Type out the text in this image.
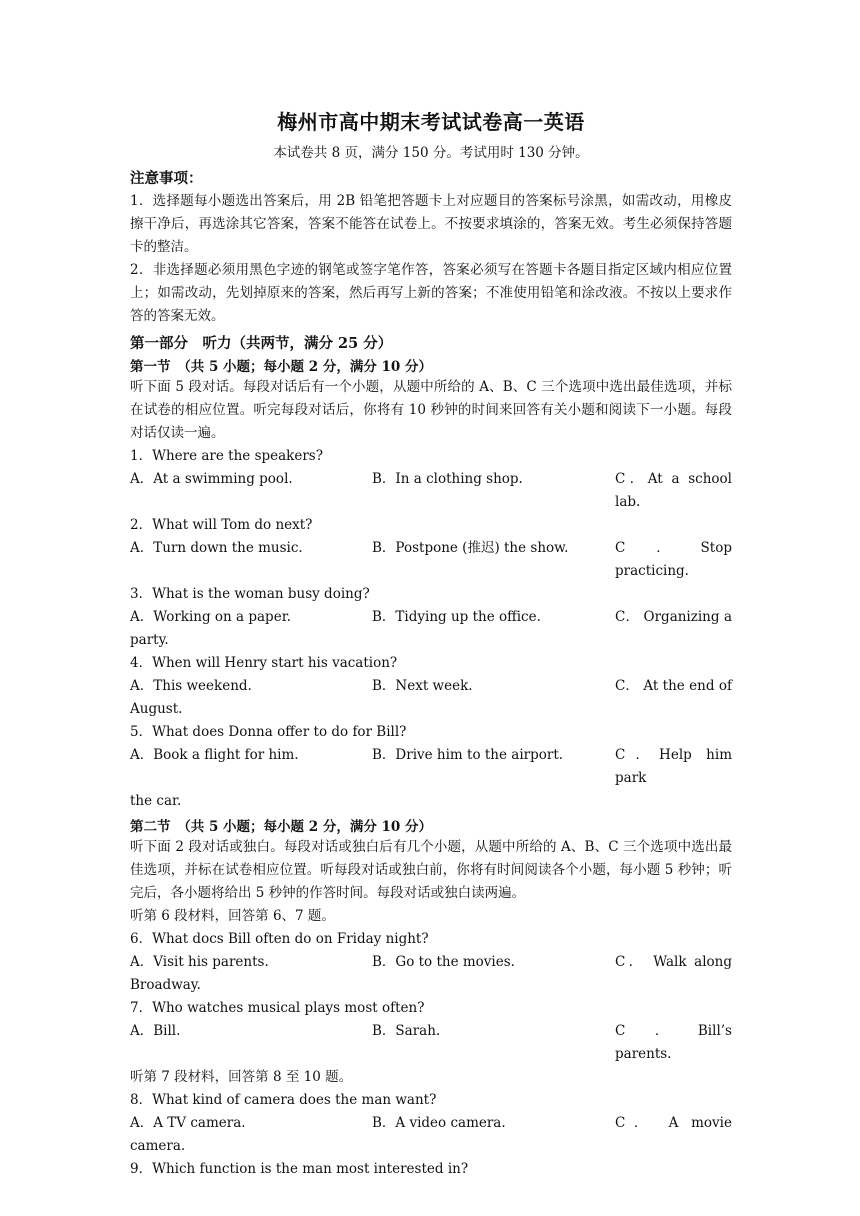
梅州市高中期末考试试卷高一英语
本试卷共 8 页，满分 150 分。考试用时 130 分钟。
注意事项：
1．选择题每小题选出答案后，用 2B 铅笔把答题卡上对应题目的答案标号涂黑，如需改动，用橡皮擦干净后，再选涂其它答案，答案不能答在试卷上。不按要求填涂的，答案无效。考生必须保持答题卡的整洁。
2．非选择题必须用黑色字迹的钢笔或签字笔作答，答案必须写在答题卡各题目指定区域内相应位置上；如需改动，先划掉原来的答案，然后再写上新的答案；不准使用铅笔和涂改液。不按以上要求作答的答案无效。
第一部分　听力（共两节，满分 25 分）
第一节　（共 5 小题；每小题 2 分，满分 10 分）
听下面 5 段对话。每段对话后有一个小题，从题中所给的 A、B、C 三个选项中选出最佳选项，并标在试卷的相应位置。听完每段对话后，你将有 10 秒钟的时间来回答有关小题和阅读下一小题。每段对话仅读一遍。
1．Where are the speakers?
A．At a swimming pool.	B．In a clothing shop.	C．At a school lab.
2．What will Tom do next?
A．Turn down the music.	B．Postpone (推迟) the show.	C．Stop practicing.
3．What is the woman busy doing?
A．Working on a paper.	B．Tidying up the office.	C． Organizing a
party.
4．When will Henry start his vacation?
A．This weekend.	B．Next week.	C． At the end of
August.
5．What does Donna offer to do for Bill?
A．Book a flight for him.	B．Drive him to the airport.	C．Help him park
the car.
第二节　（共 5 小题；每小题 2 分，满分 10 分）
听下面 2 段对话或独白。每段对话或独白后有几个小题，从题中所给的 A、B、C 三个选项中选出最佳选项，并标在试卷相应位置。听每段对话或独白前，你将有时间阅读各个小题，每小题 5 秒钟；听完后，各小题将给出 5 秒钟的作答时间。每段对话或独白读两遍。
听第 6 段材料，回答第 6、7 题。
6．What docs Bill often do on Friday night?
A．Visit his parents.	B．Go to the movies.	C． Walk along
Broadway.
7．Who watches musical plays most often?
A．Bill.	B．Sarah.	C．Bill’s parents.
听第 7 段材料，回答第 8 至 10 题。
8．What kind of camera does the man want?
A．A TV camera.	B．A video camera.	C． A movie
camera.
9．Which function is the man most interested in?
